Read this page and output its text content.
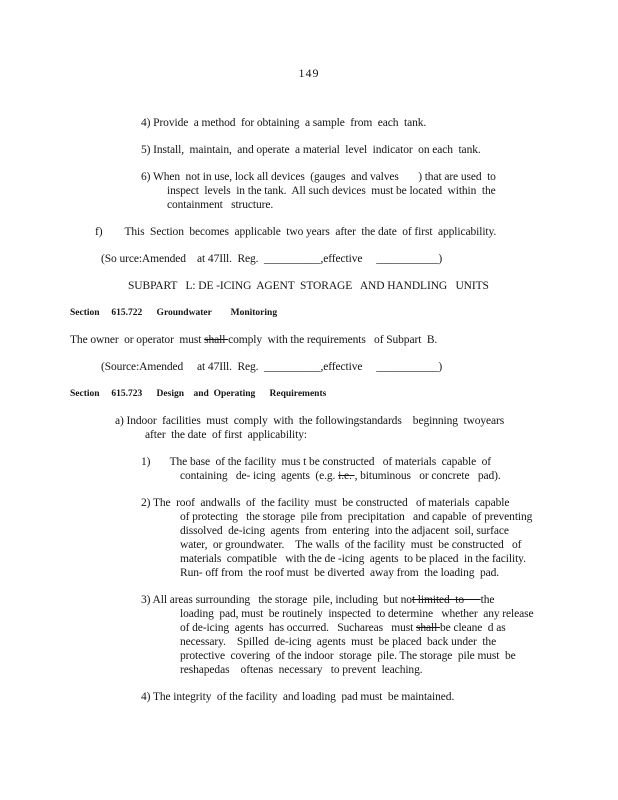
149
4) Provide  a method  for obtaining  a sample  from  each  tank.
5) Install,  maintain,  and operate  a material  level  indicator  on each  tank.
6) When  not in use, lock all devices  (gauges  and valves       ) that are used  to
inspect  levels  in the tank.  All such devices  must be located  within  the
containment   structure.
f)        This  Section  becomes  applicable  two years  after  the date  of first  applicability.
(So urce:Amended    at 47Ill.  Reg.  __________,effective     ___________)
SUBPART   L: DE -ICING  AGENT  STORAGE   AND HANDLING   UNITS
Section     615.722      Groundwater        Monitoring
The owner  or operator  must shall comply  with the requirements   of Subpart  B.
(Source:Amended     at 47Ill.  Reg.  __________,effective     ___________)
Section     615.723      Design    and  Operating      Requirements
a) Indoor  facilities  must  comply  with  the followingstandards    beginning  twoyears
after  the date  of first  applicability:
1)       The base  of the facility  mus t be constructed   of materials  capable  of
containing   de- icing  agents  (e.g. i.e. , bituminous   or concrete   pad).
2) The  roof  andwalls  of  the facility  must  be constructed   of materials  capable
of protecting   the storage  pile from  precipitation   and capable  of preventing
dissolved  de-icing  agents  from  entering  into the adjacent  soil, surface
water,  or groundwater.    The walls  of the facility  must  be constructed   of
materials  compatible   with the de -icing  agents  to be placed  in the facility.
Run- off from  the roof must  be diverted  away from  the loading  pad.
3) All areas surrounding   the storage  pile, including  but not limited  to      the
loading  pad, must  be routinely  inspected  to determine   whether  any release
of de-icing  agents  has occurred.   Suchareas   must shall be cleane  d as
necessary.    Spilled  de-icing  agents  must  be placed  back under  the
protective  covering  of the indoor  storage  pile. The storage  pile must  be
reshapedas    oftenas  necessary   to prevent  leaching.
4) The integrity  of the facility  and loading  pad must  be maintained.
